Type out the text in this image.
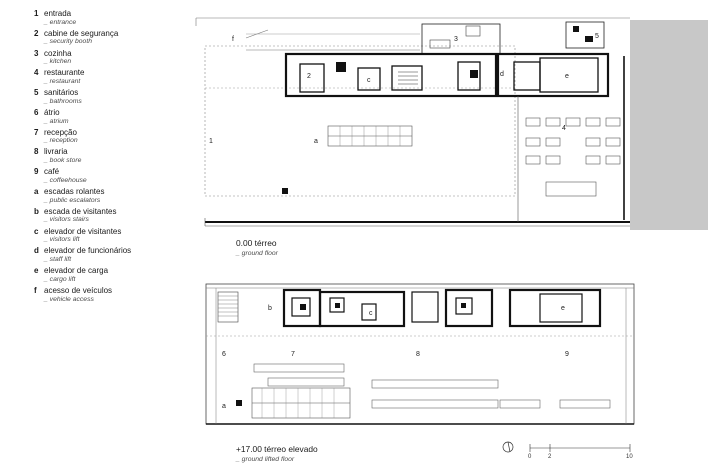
1 entrada
_ entrance
2 cabine de segurança
_ security booth
3 cozinha
_ kitchen
4 restaurante
_ restaurant
5 sanitários
_ bathrooms
6 átrio
_ atrium
7 recepção
_ reception
8 livraria
_ book store
9 café
_ coffeehouse
a escadas rolantes
_ public escalators
b escada de visitantes
_ visitors stairs
c elevador de visitantes
_ visitors lift
d elevador de funcionários
_ staff lift
e elevador de carga
_ cargo lift
f acesso de veículos
_ vehicle access
1
2
3
4
5
a
c
d	e
f
6	7	8	9
a
b
c
e
0	2	10
0.00 térreo
_ ground floor
+17.00 térreo elevado
_ ground lifted floor
